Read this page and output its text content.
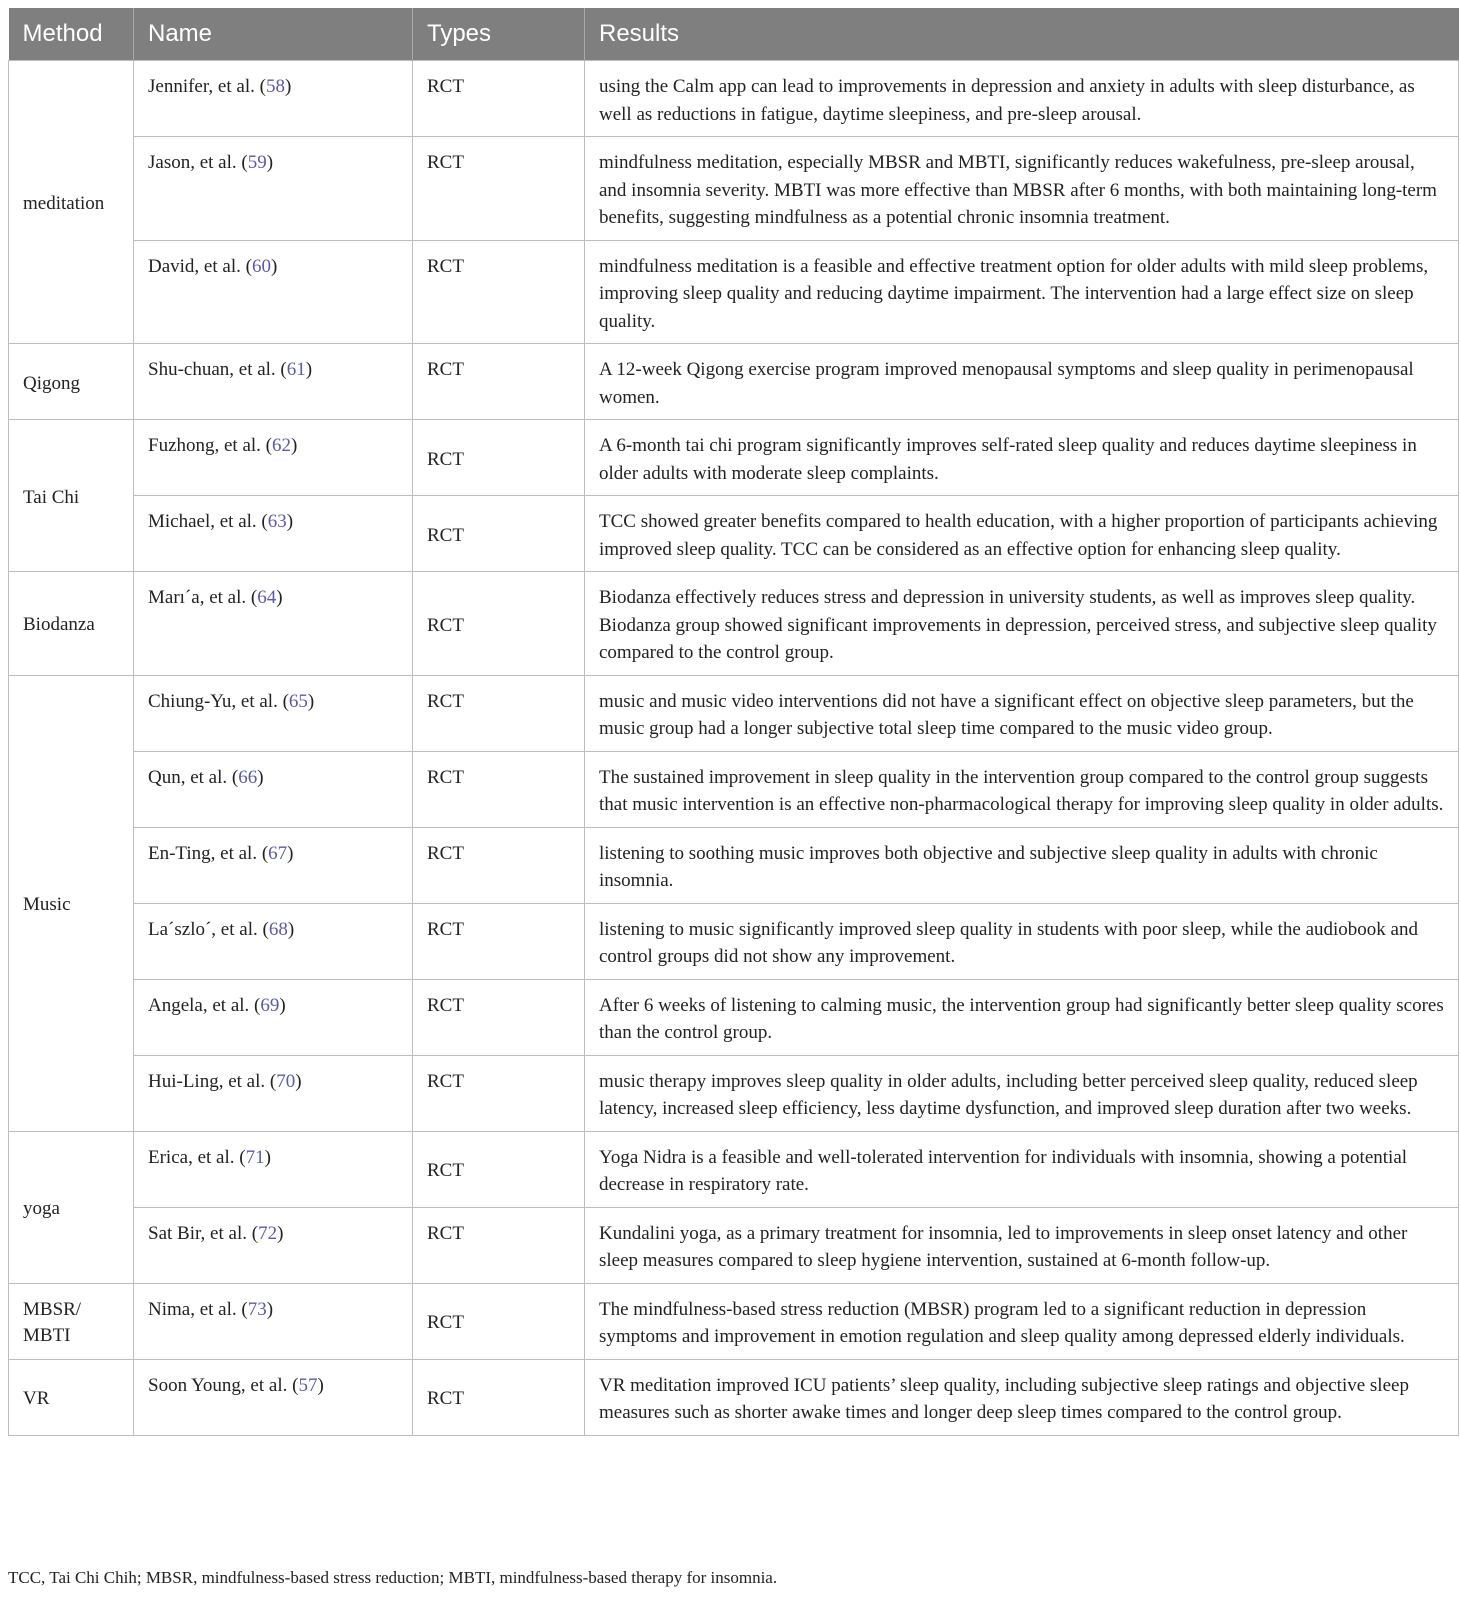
Method	Name	Types	Results
meditation	Jennifer, et al. (58)	RCT	using the Calm app can lead to improvements in depression and anxiety in adults with sleep disturbance, as well as reductions in fatigue, daytime sleepiness, and pre-sleep arousal.
	Jason, et al. (59)	RCT	mindfulness meditation, especially MBSR and MBTI, significantly reduces wakefulness, pre-sleep arousal, and insomnia severity. MBTI was more effective than MBSR after 6 months, with both maintaining long-term benefits, suggesting mindfulness as a potential chronic insomnia treatment.
	David, et al. (60)	RCT	mindfulness meditation is a feasible and effective treatment option for older adults with mild sleep problems, improving sleep quality and reducing daytime impairment. The intervention had a large effect size on sleep quality.
Qigong	Shu-chuan, et al. (61)	RCT	A 12-week Qigong exercise program improved menopausal symptoms and sleep quality in perimenopausal women.
Tai Chi	Fuzhong, et al. (62)	RCT	A 6-month tai chi program significantly improves self-rated sleep quality and reduces daytime sleepiness in older adults with moderate sleep complaints.
	Michael, et al. (63)	RCT	TCC showed greater benefits compared to health education, with a higher proportion of participants achieving improved sleep quality. TCC can be considered as an effective option for enhancing sleep quality.
Biodanza	Marı´a, et al. (64)	RCT	Biodanza effectively reduces stress and depression in university students, as well as improves sleep quality. Biodanza group showed significant improvements in depression, perceived stress, and subjective sleep quality compared to the control group.
Music	Chiung-Yu, et al. (65)	RCT	music and music video interventions did not have a significant effect on objective sleep parameters, but the music group had a longer subjective total sleep time compared to the music video group.
	Qun, et al. (66)	RCT	The sustained improvement in sleep quality in the intervention group compared to the control group suggests that music intervention is an effective non-pharmacological therapy for improving sleep quality in older adults.
	En-Ting, et al. (67)	RCT	listening to soothing music improves both objective and subjective sleep quality in adults with chronic insomnia.
	La´szlo´, et al. (68)	RCT	listening to music significantly improved sleep quality in students with poor sleep, while the audiobook and control groups did not show any improvement.
	Angela, et al. (69)	RCT	After 6 weeks of listening to calming music, the intervention group had significantly better sleep quality scores than the control group.
	Hui-Ling, et al. (70)	RCT	music therapy improves sleep quality in older adults, including better perceived sleep quality, reduced sleep latency, increased sleep efficiency, less daytime dysfunction, and improved sleep duration after two weeks.
yoga	Erica, et al. (71)	RCT	Yoga Nidra is a feasible and well-tolerated intervention for individuals with insomnia, showing a potential decrease in respiratory rate.
	Sat Bir, et al. (72)	RCT	Kundalini yoga, as a primary treatment for insomnia, led to improvements in sleep onset latency and other sleep measures compared to sleep hygiene intervention, sustained at 6-month follow-up.
MBSR/ MBTI	Nima, et al. (73)	RCT	The mindfulness-based stress reduction (MBSR) program led to a significant reduction in depression symptoms and improvement in emotion regulation and sleep quality among depressed elderly individuals.
VR	Soon Young, et al. (57)	RCT	VR meditation improved ICU patients’ sleep quality, including subjective sleep ratings and objective sleep measures such as shorter awake times and longer deep sleep times compared to the control group.
TCC, Tai Chi Chih; MBSR, mindfulness-based stress reduction; MBTI, mindfulness-based therapy for insomnia.
